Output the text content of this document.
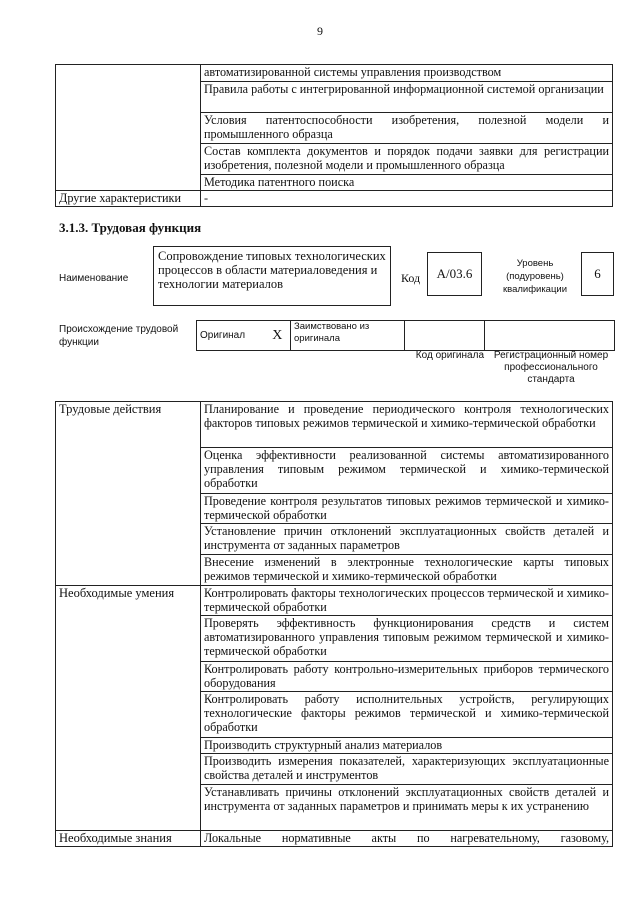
9
	автоматизированной системы управления производством
	Правила работы с интегрированной информационной системой организации
	Условия патентоспособности изобретения, полезной модели и промышленного образца
	Состав комплекта документов и порядок подачи заявки для регистрации изобретения, полезной модели и промышленного образца
	Методика патентного поиска
Другие характеристики	-
3.1.3. Трудовая функция
Наименование
Сопровождение типовых технологических процессов в области материаловедения и технологии материалов	Код	A/03.6
Уровень (подуровень) квалификации
6
Происхождение трудовой функции
Оригинал	X	Заимствовано из оригинала		
Код оригинала Регистрационный номер профессионального стандарта
Трудовые действия	Планирование и проведение периодического контроля технологических факторов типовых режимов термической и химико-термической обработки
	Оценка эффективности реализованной системы автоматизированного управления типовым режимом термической и химико-термической обработки
	Проведение контроля результатов типовых режимов термической и химико-термической обработки
	Установление причин отклонений эксплуатационных свойств деталей и инструмента от заданных параметров
	Внесение изменений в электронные технологические карты типовых режимов термической и химико-термической обработки
Необходимые умения	Контролировать факторы технологических процессов термической и химико-термической обработки
	Проверять эффективность функционирования средств и систем автоматизированного управления типовым режимом термической и химико-термической обработки
	Контролировать работу контрольно-измерительных приборов термического оборудования
	Контролировать работу исполнительных устройств, регулирующих технологические факторы режимов термической и химико-термической обработки
	Производить структурный анализ материалов
	Производить измерения показателей, характеризующих эксплуатационные свойства деталей и инструментов
	Устанавливать причины отклонений эксплуатационных свойств деталей и инструмента от заданных параметров и принимать меры к их устранению
Необходимые знания	Локальные нормативные акты по нагревательному, газовому,
